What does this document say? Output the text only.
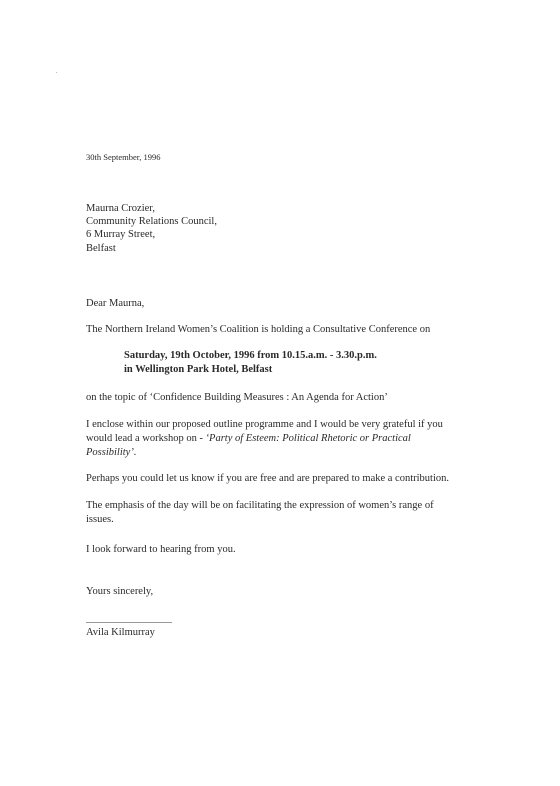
30th September, 1996
Maurna Crozier,
Community Relations Council,
6 Murray Street,
Belfast
Dear Maurna,
The Northern Ireland Women’s Coalition is holding a Consultative Conference on
Saturday, 19th October, 1996 from 10.15.a.m. - 3.30.p.m.
in Wellington Park Hotel, Belfast
on the topic of ‘Confidence Building Measures : An Agenda for Action’
I enclose within our proposed outline programme and I would be very grateful if you
would lead a workshop on - ‘Party of Esteem: Political Rhetoric or Practical
Possibility’.
Perhaps you could let us know if you are free and are prepared to make a contribution.
The emphasis of the day will be on facilitating the expression of women’s range of
issues.
I look forward to hearing from you.
Yours sincerely,
Avila Kilmurray
